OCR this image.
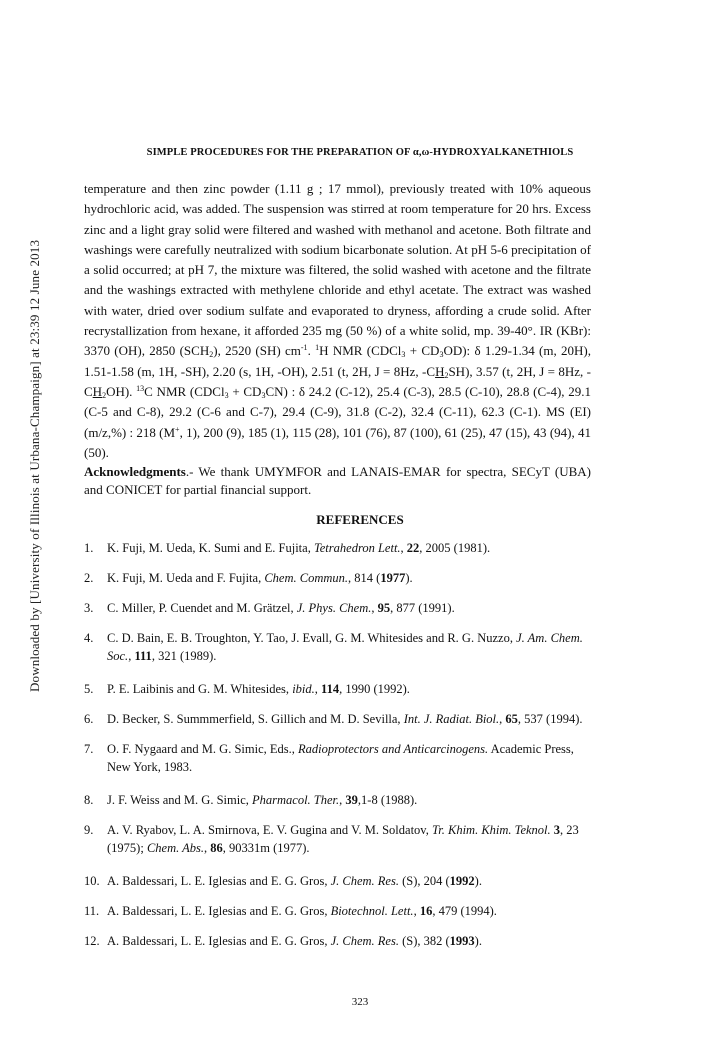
Downloaded by [University of Illinois at Urbana-Champaign] at 23:39 12 June 2013
SIMPLE PROCEDURES FOR THE PREPARATION OF α,ω-HYDROXYALKANETHIOLS

temperature and then zinc powder (1.11 g ; 17 mmol), previously treated with 10% aqueous hydrochloric acid, was added. The suspension was stirred at room temperature for 20 hrs. Excess zinc and a light gray solid were filtered and washed with methanol and acetone. Both filtrate and washings were carefully neutralized with sodium bicarbonate solution. At pH 5-6 precipitation of a solid occurred; at pH 7, the mixture was filtered, the solid washed with acetone and the filtrate and the washings extracted with methylene chloride and ethyl acetate. The extract was washed with water, dried over sodium sulfate and evaporated to dryness, affording a crude solid. After recrystallization from hexane, it afforded 235 mg (50 %) of a white solid, mp. 39-40°. IR (KBr): 3370 (OH), 2850 $(SCH_2)$, 2520 (SH) $cm^{-1}$. $^1$H NMR (CDCl$_3$ + $CD_3OD$): δ 1.29-1.34 (m, 20H), 1.51-1.58 (m, 1H, -SH), 2.20 (s, 1H, -OH), 2.51 (t, 2H, J = 8Hz, $-CH_2SH$), 3.57 (t, 2H, J = 8Hz, $-CH_2OH$). $^{13}$C NMR (CDCl$_3$ + $CD_3CN$) : δ 24.2 (C-12), 25.4 (C-3), 28.5 (C-10), 28.8 (C-4), 29.1 (C-5 and C-8), 29.2 (C-6 and C-7), 29.4 (C-9), 31.8 (C-2), 32.4 (C-11), 62.3 (C-1). MS (EI) (m/z,%) : 218 (M+, 1), 200 (9), 185 (1), 115 (28), 101 (76), 87 (100), 61 (25), 47 (15), 43 (94), 41 (50).

Acknowledgments.- We thank UMYMFOR and LANAIS-EMAR for spectra, SECyT (UBA) and CONICET for partial financial support.
REFERENCES
1.	K. Fuji, M. Ueda, K. Sumi and E. Fujita, Tetrahedron Lett., 22, 2005 (1981).
2.	K. Fuji, M. Ueda and F. Fujita, Chem. Commun., 814 (1977).
3.	C. Miller, P. Cuendet and M. Grätzel, J. Phys. Chem., 95, 877 (1991).
4.	C. D. Bain, E. B. Troughton, Y. Tao, J. Evall, G. M. Whitesides and R. G. Nuzzo, J. Am. Chem. Soc., 111, 321 (1989).
5.	P. E. Laibinis and G. M. Whitesides, ibid., 114, 1990 (1992).
6.	D. Becker, S. Summmerfield, S. Gillich and M. D. Sevilla, Int. J. Radiat. Biol., 65, 537 (1994).
7.	O. F. Nygaard and M. G. Simic, Eds., Radioprotectors and Anticarcinogens. Academic Press, New York, 1983.
8.	J. F. Weiss and M. G. Simic, Pharmacol. Ther., 39,1-8 (1988).
9.	A. V. Ryabov, L. A. Smirnova, E. V. Gugina and V. M. Soldatov, Tr. Khim. Khim. Teknol. 3, 23 (1975); Chem. Abs., 86, 90331m (1977).
10. A. Baldessari, L. E. Iglesias and E. G. Gros, J. Chem. Res. (S), 204 (1992).
11. A. Baldessari, L. E. Iglesias and E. G. Gros, Biotechnol. Lett., 16, 479 (1994).
12. A. Baldessari, L. E. Iglesias and E. G. Gros, J. Chem. Res. (S), 382 (1993).
323
